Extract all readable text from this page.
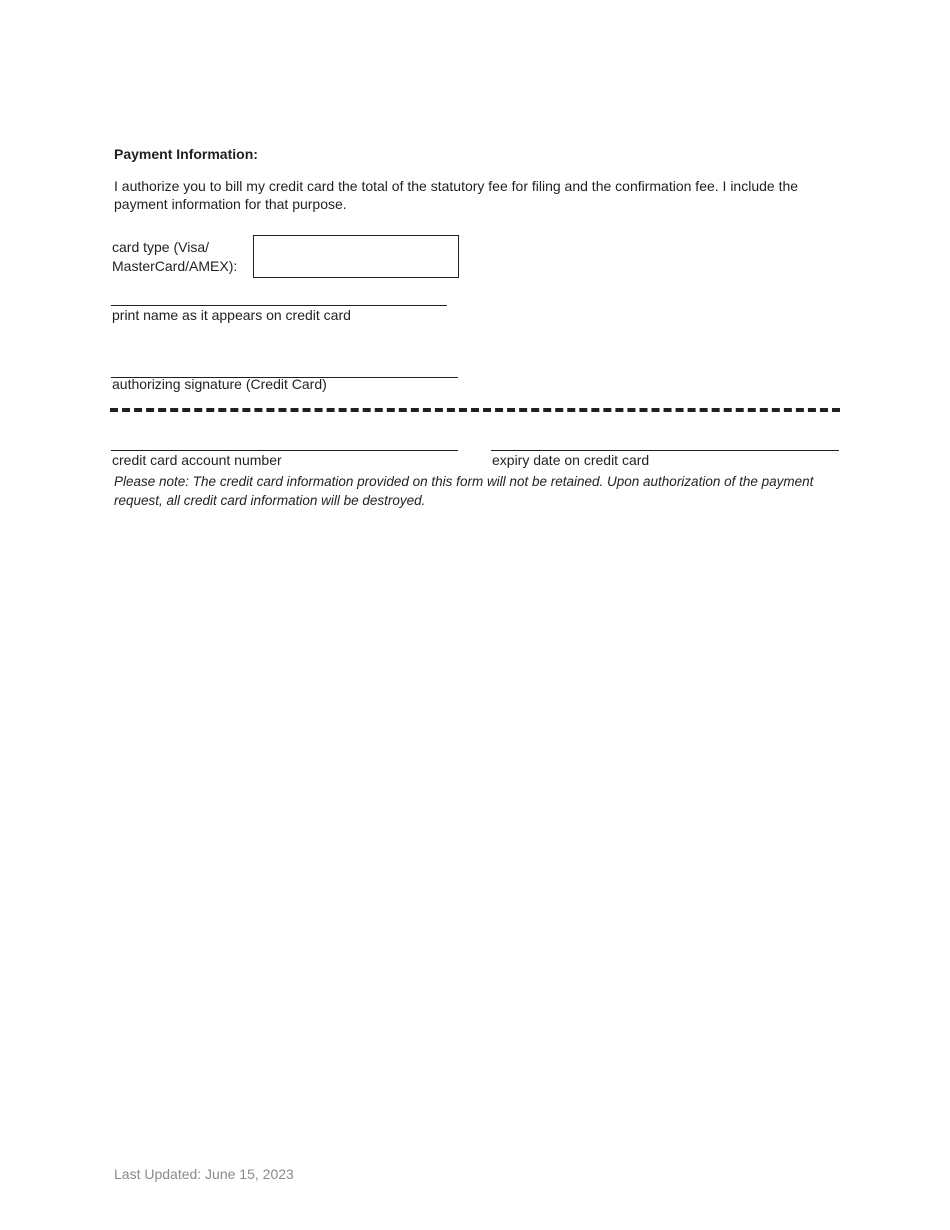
Payment Information:
I authorize you to bill my credit card the total of the statutory fee for filing and the confirmation fee. I include the payment information for that purpose.
card type (Visa/
MasterCard/AMEX):
print name as it appears on credit card
authorizing signature (Credit Card)
credit card account number	expiry date on credit card
Please note: The credit card information provided on this form will not be retained. Upon authorization of the payment request, all credit card information will be destroyed.
Last Updated: June 15, 2023
